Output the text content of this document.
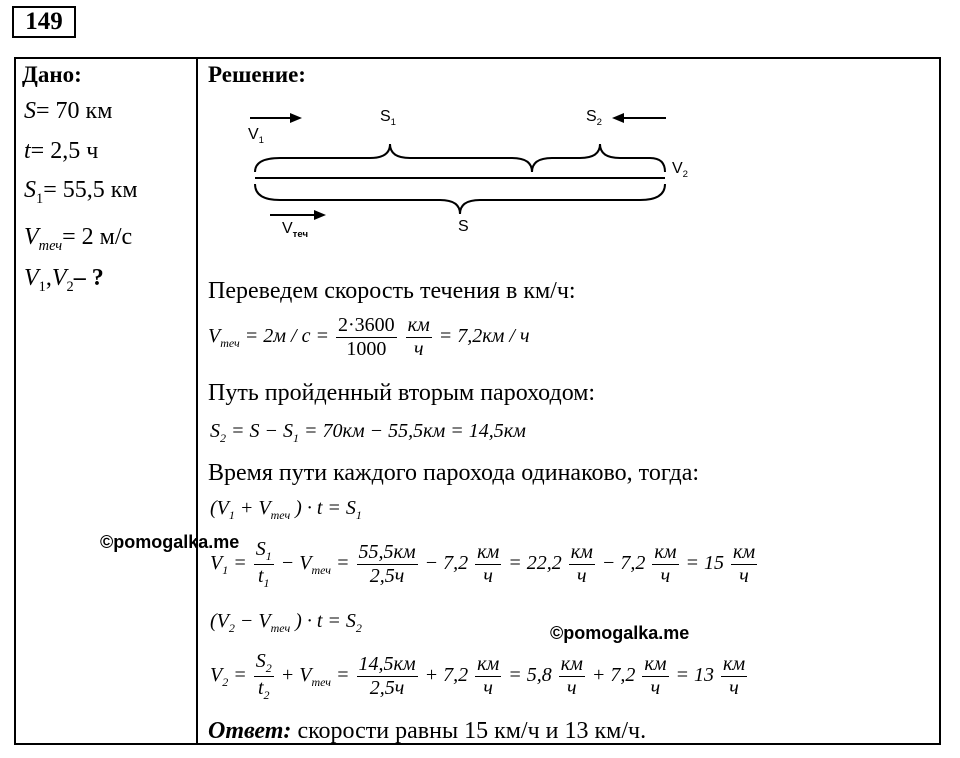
149
Дано:
S= 70 км
t= 2,5 ч
$S_1= 55,5$ км
$V_{теч}= 2$ м/с
$V_1,V_2-$ ?
Решение:
$V_1$
$S_1$	$S_2$
$V_2$
$V_{теч}$	S
Переведем скорость течения в км/ч:
$V_{теч} = 2м / с = \frac{2\cdot 3600}{1000}$
$\frac{км}{ч} = 7,2км / ч$
Путь пройденный вторым пароходом:
$S_2 = S - S_1 = 70км - 55,5км = 14,5км$
Время пути каждого парохода одинаково, тогда:
($V_1 + V_{теч}$ ) · $t = S_1$
$V_1 = \frac{S_1}{t_1} - V_{теч} = \frac{55,5км}{2,5ч} - 7,2 \frac{км}{ч} = 22,2 \frac{км}{ч} - 7,2 \frac{км}{ч} = 15 \frac{км}{ч}$
($V_2 - V_{теч}$ ) · $t = S_2$
$V_2 = \frac{S_2}{t_2} + V_{теч} = \frac{14,5км}{2,5ч} + 7,2 \frac{км}{ч} = 5,8 \frac{км}{ч} + 7,2 \frac{км}{ч} = 13 \frac{км}{ч}$
Ответ: скорости равны 15 км/ч и 13 км/ч.
©pomogalka.me
©pomogalka.me
